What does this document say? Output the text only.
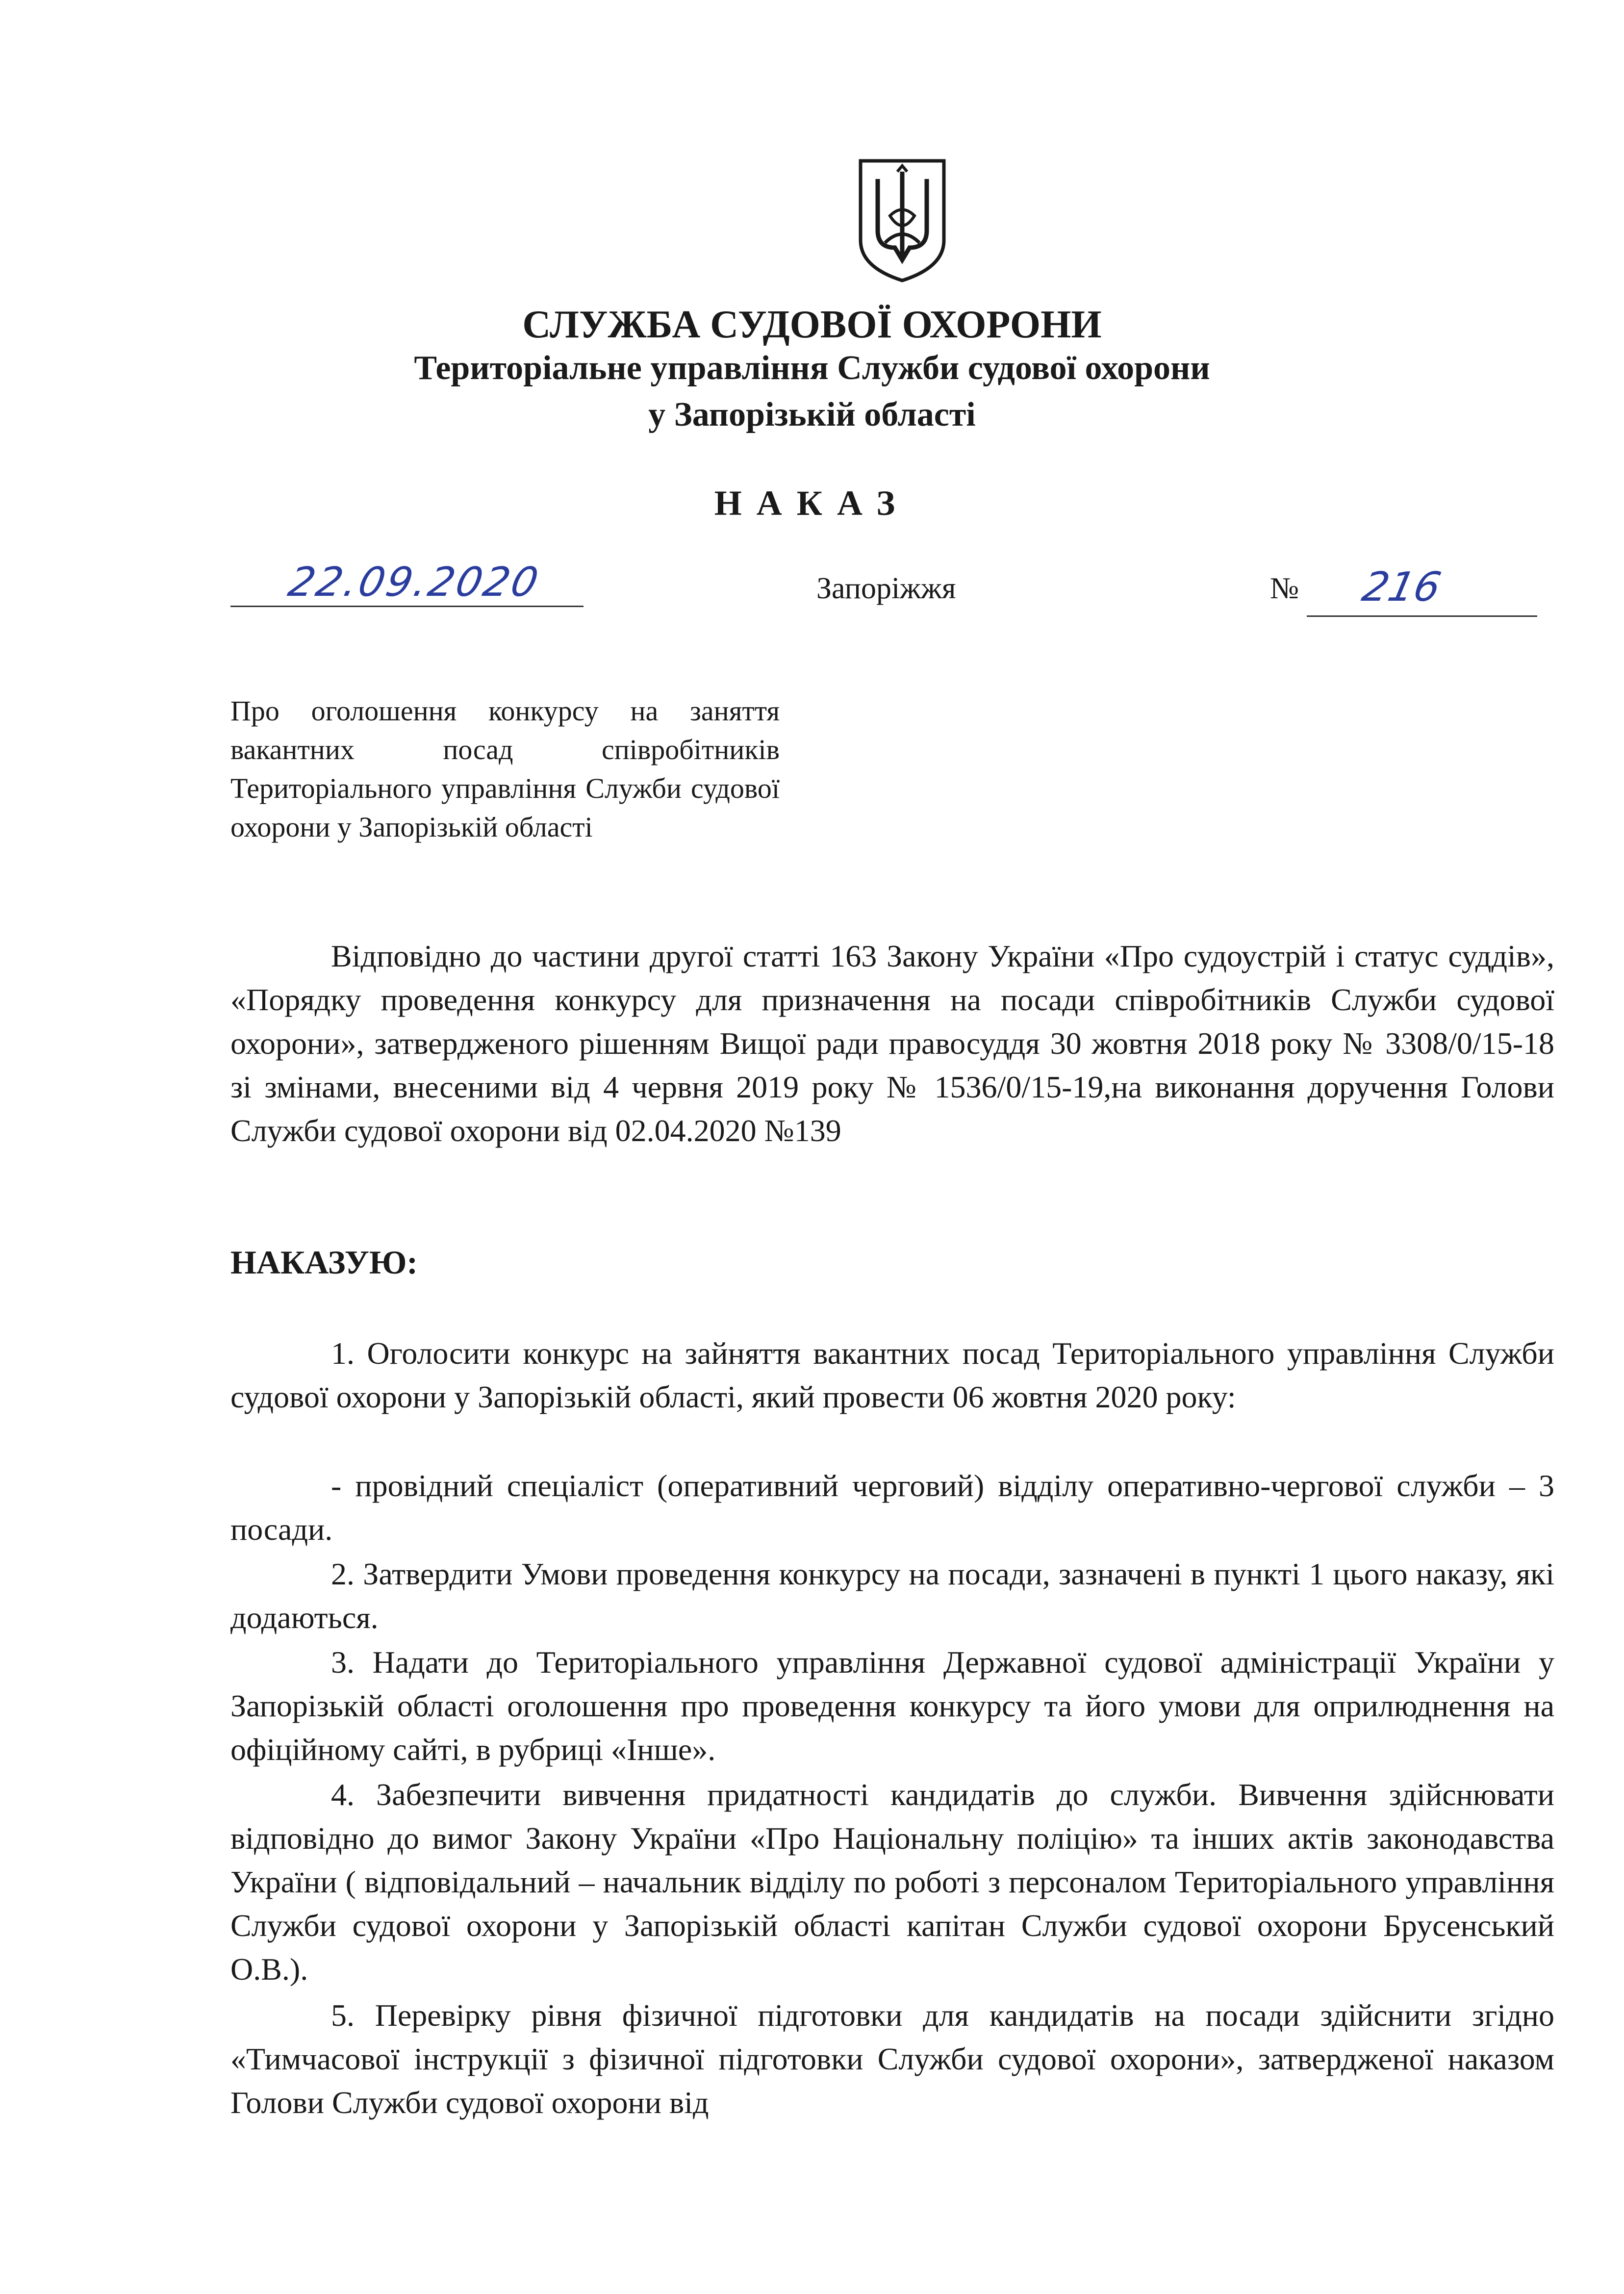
СЛУЖБА СУДОВОЇ ОХОРОНИ

Територіальне управління Служби судової охорони

у Запорізькій області

НАКАЗ

22.09.2020	Запоріжжя	№ 216

Про оголошення конкурсу на заняття вакантних посад співробітників Територіального управління Служби судової охорони у Запорізькій області

Відповідно до частини другої статті 163 Закону України «Про судоустрій і статус суддів», «Порядку проведення конкурсу для призначення на посади співробітників Служби судової охорони», затвердженого рішенням Вищої ради правосуддя 30 жовтня 2018 року № 3308/0/15-18 зі змінами, внесеними від 4 червня 2019 року № 1536/0/15-19,на виконання доручення Голови Служби судової охорони від 02.04.2020 №139

НАКАЗУЮ:

1. Оголосити конкурс на зайняття вакантних посад Територіального управління Служби судової охорони у Запорізькій області, який провести 06 жовтня 2020 року:

- провідний спеціаліст (оперативний черговий) відділу оперативно-чергової служби – 3 посади.

2. Затвердити Умови проведення конкурсу на посади, зазначені в пункті 1 цього наказу, які додаються.

3. Надати до Територіального управління Державної судової адміністрації України у Запорізькій області оголошення про проведення конкурсу та його умови для оприлюднення на офіційному сайті, в рубриці «Інше».

4. Забезпечити вивчення придатності кандидатів до служби. Вивчення здійснювати відповідно до вимог Закону України «Про Національну поліцію» та інших актів законодавства України ( відповідальний – начальник відділу по роботі з персоналом Територіального управління Служби судової охорони у Запорізькій області капітан Служби судової охорони Брусенський О.В.).

5. Перевірку рівня фізичної підготовки для кандидатів на посади здійснити згідно «Тимчасової інструкції з фізичної підготовки Служби судової охорони», затвердженої наказом Голови Служби судової охорони від
